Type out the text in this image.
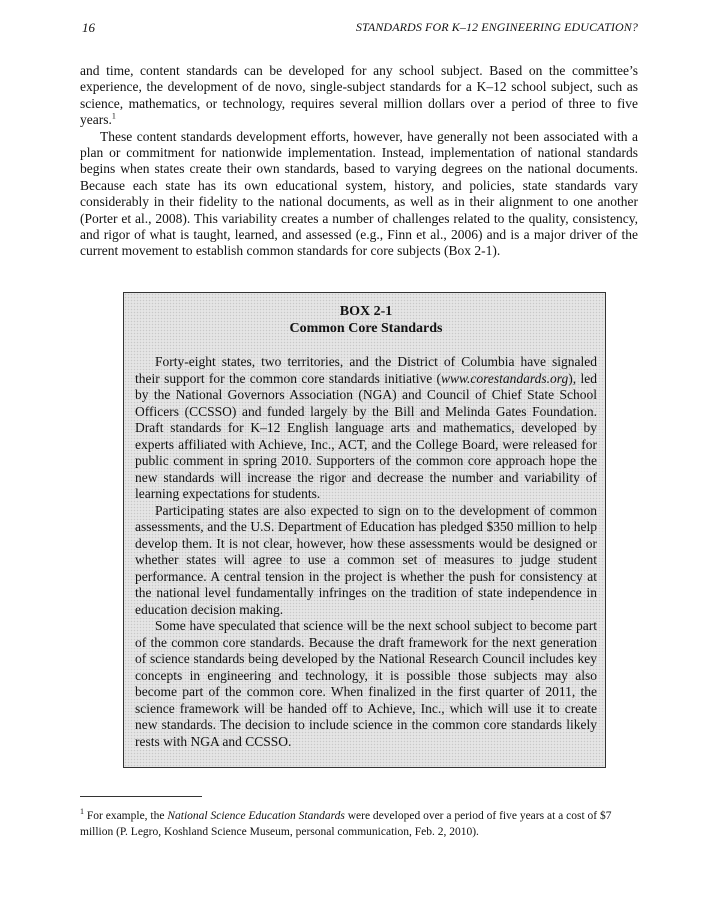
16	STANDARDS FOR K–12 ENGINEERING EDUCATION?

and time, content standards can be developed for any school subject. Based on the committee’s experience, the development of de novo, single-subject standards for a K–12 school subject, such as science, mathematics, or technology, requires several million dollars over a period of three to five years.$^1$

These content standards development efforts, however, have generally not been associated with a plan or commitment for nationwide implementation. Instead, implementation of national standards begins when states create their own standards, based to varying degrees on the national documents. Because each state has its own educational system, history, and policies, state standards vary considerably in their fidelity to the national documents, as well as in their alignment to one another (Porter et al., 2008). This variability creates a number of challenges related to the quality, consistency, and rigor of what is taught, learned, and assessed (e.g., Finn et al., 2006) and is a major driver of the current movement to establish common standards for core subjects (Box 2-1).

BOX 2-1
Common Core Standards

Forty-eight states, two territories, and the District of Columbia have signaled their support for the common core standards initiative (www.corestandards.org), led by the National Governors Association (NGA) and Council of Chief State School Officers (CCSSO) and funded largely by the Bill and Melinda Gates Foundation. Draft standards for K–12 English language arts and mathematics, developed by experts affiliated with Achieve, Inc., ACT, and the College Board, were released for public comment in spring 2010. Supporters of the common core approach hope the new standards will increase the rigor and decrease the number and variability of learning expectations for students.

Participating states are also expected to sign on to the development of common assessments, and the U.S. Department of Education has pledged $350 million to help develop them. It is not clear, however, how these assessments would be designed or whether states will agree to use a common set of measures to judge student performance. A central tension in the project is whether the push for consistency at the national level fundamentally infringes on the tradition of state independence in education decision making.

Some have speculated that science will be the next school subject to become part of the common core standards. Because the draft framework for the next generation of science standards being developed by the National Research Council includes key concepts in engineering and technology, it is possible those subjects may also become part of the common core. When finalized in the first quarter of 2011, the science framework will be handed off to Achieve, Inc., which will use it to create new standards. The decision to include science in the common core standards likely rests with NGA and CCSSO.

$^1$ For example, the National Science Education Standards were developed over a period of five years at a cost of $7 million (P. Legro, Koshland Science Museum, personal communication, Feb. 2, 2010).
